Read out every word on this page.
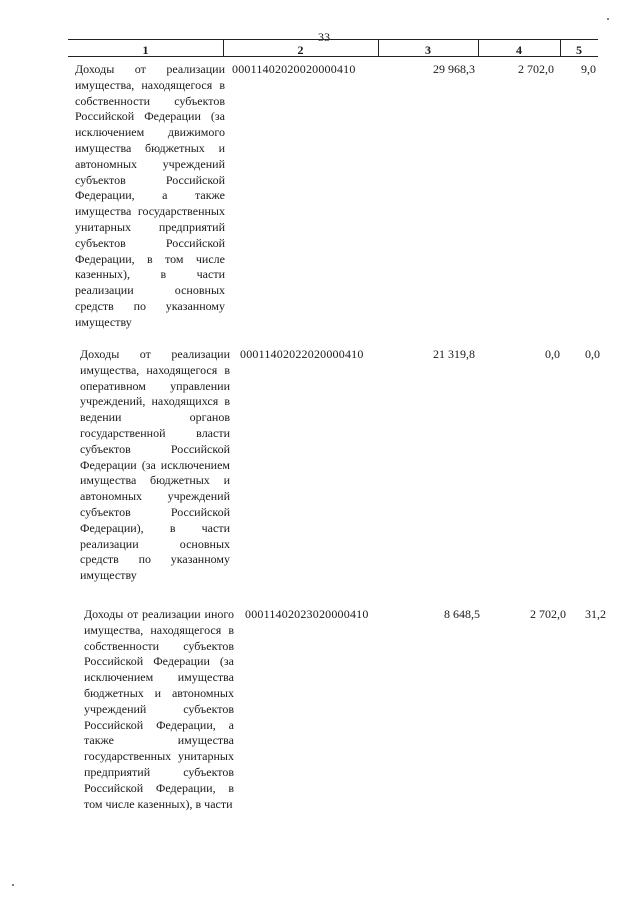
33
1	2	3	4	5
Доходы от реализации имущества, находящегося в собственности субъектов Российской Федерации (за исключением движимого имущества бюджетных и автономных учреждений субъектов Российской Федерации, а также имущества государственных унитарных предприятий субъектов Российской Федерации, в том числе казенных), в части реализации основных средств по указанному имуществу
00011402020020000410	29 968,3	2 702,0	9,0
Доходы от реализации имущества, находящегося в оперативном управлении учреждений, находящихся в ведении органов государственной власти субъектов Российской Федерации (за исключением имущества бюджетных и автономных учреждений субъектов Российской Федерации), в части реализации основных средств по указанному имуществу
00011402022020000410	21 319,8	0,0	0,0
Доходы от реализации иного имущества, находящегося в собственности субъектов Российской Федерации (за исключением имущества бюджетных и автономных учреждений субъектов Российской Федерации, а также имущества государственных унитарных предприятий субъектов Российской Федерации, в том числе казенных), в части
00011402023020000410	8 648,5	2 702,0	31,2
